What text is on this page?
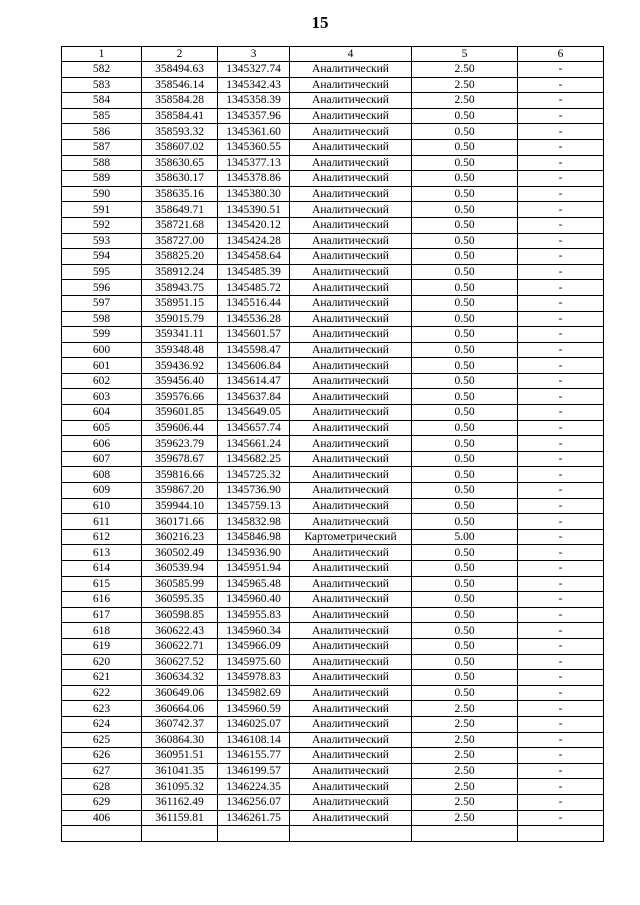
15
1	2	3	4	5	6
582	358494.63	1345327.74	Аналитический	2.50	-
583	358546.14	1345342.43	Аналитический	2.50	-
584	358584.28	1345358.39	Аналитический	2.50	-
585	358584.41	1345357.96	Аналитический	0.50	-
586	358593.32	1345361.60	Аналитический	0.50	-
587	358607.02	1345360.55	Аналитический	0.50	-
588	358630.65	1345377.13	Аналитический	0.50	-
589	358630.17	1345378.86	Аналитический	0.50	-
590	358635.16	1345380.30	Аналитический	0.50	-
591	358649.71	1345390.51	Аналитический	0.50	-
592	358721.68	1345420.12	Аналитический	0.50	-
593	358727.00	1345424.28	Аналитический	0.50	-
594	358825.20	1345458.64	Аналитический	0.50	-
595	358912.24	1345485.39	Аналитический	0.50	-
596	358943.75	1345485.72	Аналитический	0.50	-
597	358951.15	1345516.44	Аналитический	0.50	-
598	359015.79	1345536.28	Аналитический	0.50	-
599	359341.11	1345601.57	Аналитический	0.50	-
600	359348.48	1345598.47	Аналитический	0.50	-
601	359436.92	1345606.84	Аналитический	0.50	-
602	359456.40	1345614.47	Аналитический	0.50	-
603	359576.66	1345637.84	Аналитический	0.50	-
604	359601.85	1345649.05	Аналитический	0.50	-
605	359606.44	1345657.74	Аналитический	0.50	-
606	359623.79	1345661.24	Аналитический	0.50	-
607	359678.67	1345682.25	Аналитический	0.50	-
608	359816.66	1345725.32	Аналитический	0.50	-
609	359867.20	1345736.90	Аналитический	0.50	-
610	359944.10	1345759.13	Аналитический	0.50	-
611	360171.66	1345832.98	Аналитический	0.50	-
612	360216.23	1345846.98	Картометрический	5.00	-
613	360502.49	1345936.90	Аналитический	0.50	-
614	360539.94	1345951.94	Аналитический	0.50	-
615	360585.99	1345965.48	Аналитический	0.50	-
616	360595.35	1345960.40	Аналитический	0.50	-
617	360598.85	1345955.83	Аналитический	0.50	-
618	360622.43	1345960.34	Аналитический	0.50	-
619	360622.71	1345966.09	Аналитический	0.50	-
620	360627.52	1345975.60	Аналитический	0.50	-
621	360634.32	1345978.83	Аналитический	0.50	-
622	360649.06	1345982.69	Аналитический	0.50	-
623	360664.06	1345960.59	Аналитический	2.50	-
624	360742.37	1346025.07	Аналитический	2.50	-
625	360864.30	1346108.14	Аналитический	2.50	-
626	360951.51	1346155.77	Аналитический	2.50	-
627	361041.35	1346199.57	Аналитический	2.50	-
628	361095.32	1346224.35	Аналитический	2.50	-
629	361162.49	1346256.07	Аналитический	2.50	-
406	361159.81	1346261.75	Аналитический	2.50	-
